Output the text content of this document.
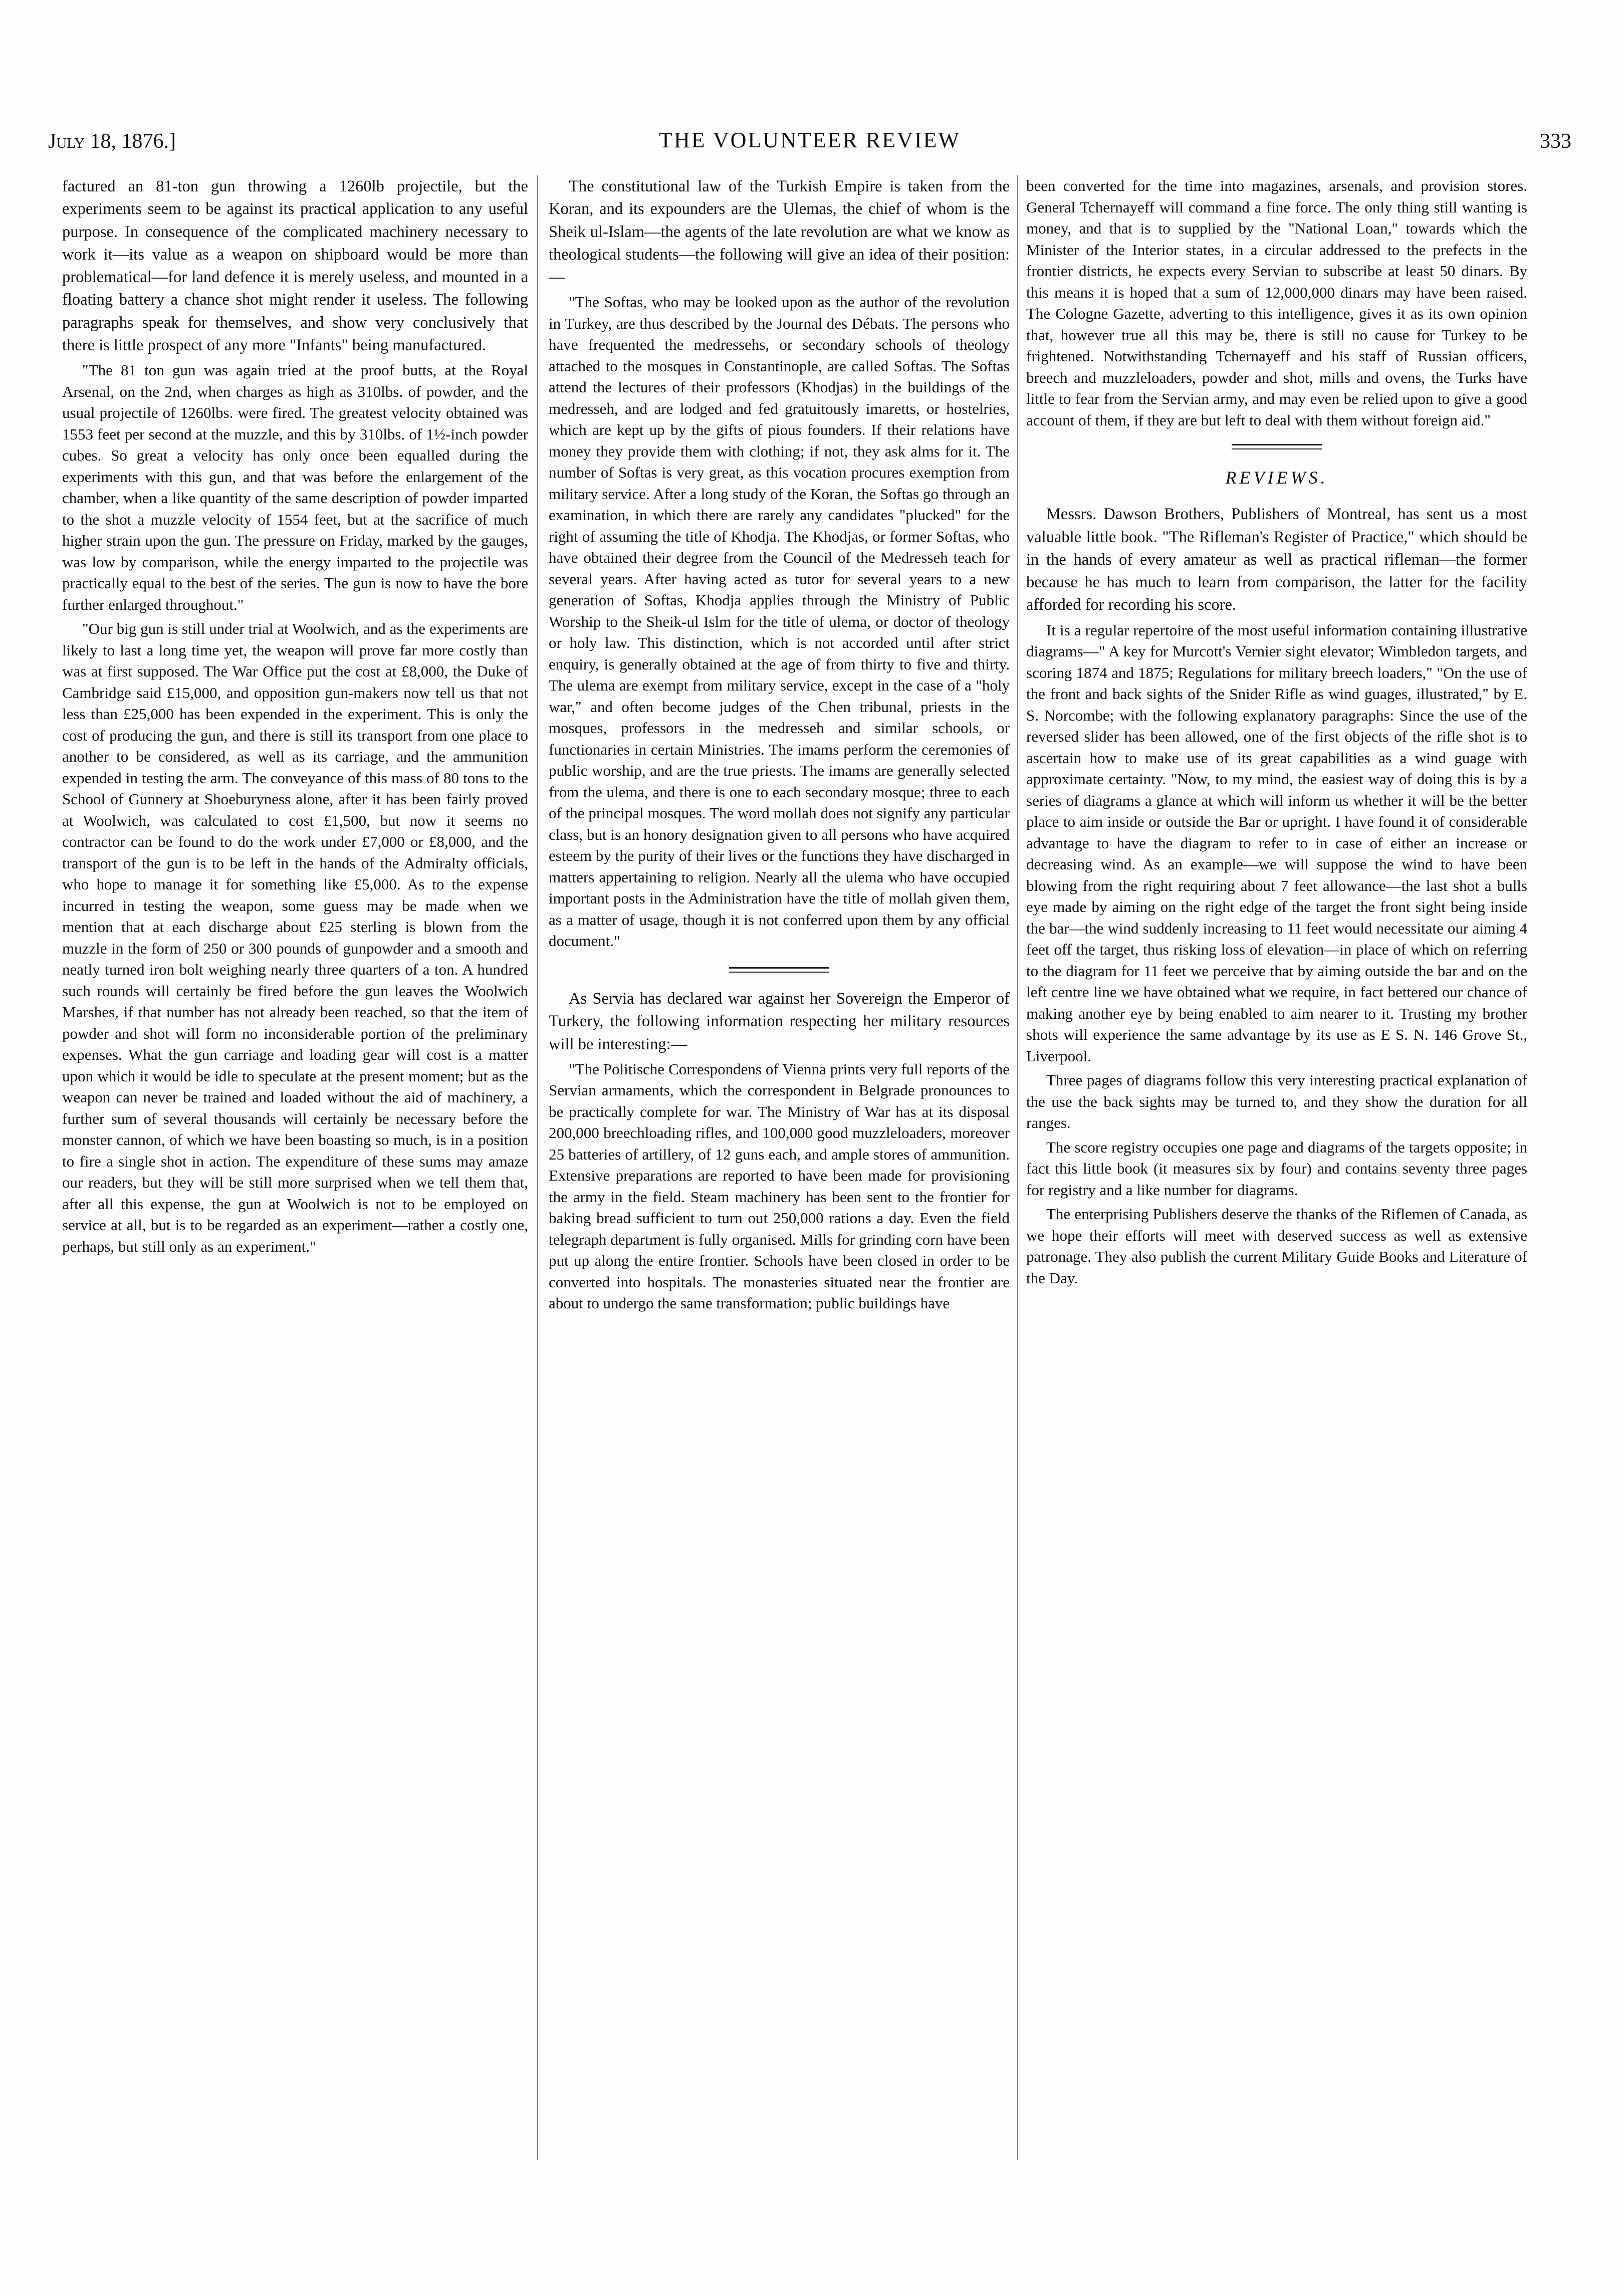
July 18, 1876.]	THE VOLUNTEER REVIEW	333

factured an 81-ton gun throwing a 1260lb projectile, but the experiments seem to be against its practical application to any useful purpose. In consequence of the complicated machinery necessary to work it—its value as a weapon on shipboard would be more than problematical—for land defence it is merely useless, and mounted in a floating battery a chance shot might render it useless. The following paragraphs speak for themselves, and show very conclusively that there is little prospect of any more "Infants" being manufactured.

"The 81 ton gun was again tried at the proof butts, at the Royal Arsenal, on the 2nd, when charges as high as 310lbs. of powder, and the usual projectile of 1260lbs. were fired. The greatest velocity obtained was 1553 feet per second at the muzzle, and this by 310lbs. of 1½-inch powder cubes. So great a velocity has only once been equalled during the experiments with this gun, and that was before the enlargement of the chamber, when a like quantity of the same description of powder imparted to the shot a muzzle velocity of 1554 feet, but at the sacrifice of much higher strain upon the gun. The pressure on Friday, marked by the gauges, was low by comparison, while the energy imparted to the projectile was practically equal to the best of the series. The gun is now to have the bore further enlarged throughout."

"Our big gun is still under trial at Woolwich, and as the experiments are likely to last a long time yet, the weapon will prove far more costly than was at first supposed. The War Office put the cost at £8,000, the Duke of Cambridge said £15,000, and opposition gun-makers now tell us that not less than £25,000 has been expended in the experiment. This is only the cost of producing the gun, and there is still its transport from one place to another to be considered, as well as its carriage, and the ammunition expended in testing the arm. The conveyance of this mass of 80 tons to the School of Gunnery at Shoeburyness alone, after it has been fairly proved at Woolwich, was calculated to cost £1,500, but now it seems no contractor can be found to do the work under £7,000 or £8,000, and the transport of the gun is to be left in the hands of the Admiralty officials, who hope to manage it for something like £5,000. As to the expense incurred in testing the weapon, some guess may be made when we mention that at each discharge about £25 sterling is blown from the muzzle in the form of 250 or 300 pounds of gunpowder and a smooth and neatly turned iron bolt weighing nearly three quarters of a ton. A hundred such rounds will certainly be fired before the gun leaves the Woolwich Marshes, if that number has not already been reached, so that the item of powder and shot will form no inconsiderable portion of the preliminary expenses. What the gun carriage and loading gear will cost is a matter upon which it would be idle to speculate at the present moment; but as the weapon can never be trained and loaded without the aid of machinery, a further sum of several thousands will certainly be necessary before the monster cannon, of which we have been boasting so much, is in a position to fire a single shot in action. The expenditure of these sums may amaze our readers, but they will be still more surprised when we tell them that, after all this expense, the gun at Woolwich is not to be employed on service at all, but is to be regarded as an experiment—rather a costly one, perhaps, but still only as an experiment."

The constitutional law of the Turkish Empire is taken from the Koran, and its expounders are the Ulemas, the chief of whom is the Sheik ul-Islam—the agents of the late revolution are what we know as theological students—the following will give an idea of their position:—

"The Softas, who may be looked upon as the author of the revolution in Turkey, are thus described by the Journal des Débats. The persons who have frequented the medressehs, or secondary schools of theology attached to the mosques in Constantinople, are called Softas. The Softas attend the lectures of their professors (Khodjas) in the buildings of the medresseh, and are lodged and fed gratuitously imaretts, or hostelries, which are kept up by the gifts of pious founders. If their relations have money they provide them with clothing; if not, they ask alms for it. The number of Softas is very great, as this vocation procures exemption from military service. After a long study of the Koran, the Softas go through an examination, in which there are rarely any candidates "plucked" for the right of assuming the title of Khodja. The Khodjas, or former Softas, who have obtained their degree from the Council of the Medresseh teach for several years. After having acted as tutor for several years to a new generation of Softas, Khodja applies through the Ministry of Public Worship to the Sheik-ul Islm for the title of ulema, or doctor of theology or holy law. This distinction, which is not accorded until after strict enquiry, is generally obtained at the age of from thirty to five and thirty. The ulema are exempt from military service, except in the case of a "holy war," and often become judges of the Chen tribunal, priests in the mosques, professors in the medresseh and similar schools, or functionaries in certain Ministries. The imams perform the ceremonies of public worship, and are the true priests. The imams are generally selected from the ulema, and there is one to each secondary mosque; three to each of the principal mosques. The word mollah does not signify any particular class, but is an honory designation given to all persons who have acquired esteem by the purity of their lives or the functions they have discharged in matters appertaining to religion. Nearly all the ulema who have occupied important posts in the Administration have the title of mollah given them, as a matter of usage, though it is not conferred upon them by any official document."

As Servia has declared war against her Sovereign the Emperor of Turkery, the following information respecting her military resources will be interesting:—

"The Politische Correspondens of Vienna prints very full reports of the Servian armaments, which the correspondent in Belgrade pronounces to be practically complete for war. The Ministry of War has at its disposal 200,000 breechloading rifles, and 100,000 good muzzleloaders, moreover 25 batteries of artillery, of 12 guns each, and ample stores of ammunition. Extensive preparations are reported to have been made for provisioning the army in the field. Steam machinery has been sent to the frontier for baking bread sufficient to turn out 250,000 rations a day. Even the field telegraph department is fully organised. Mills for grinding corn have been put up along the entire frontier. Schools have been closed in order to be converted into hospitals. The monasteries situated near the frontier are about to undergo the same transformation; public buildings have

been converted for the time into magazines, arsenals, and provision stores. General Tchernayeff will command a fine force. The only thing still wanting is money, and that is to supplied by the "National Loan," towards which the Minister of the Interior states, in a circular addressed to the prefects in the frontier districts, he expects every Servian to subscribe at least 50 dinars. By this means it is hoped that a sum of 12,000,000 dinars may have been raised. The Cologne Gazette, adverting to this intelligence, gives it as its own opinion that, however true all this may be, there is still no cause for Turkey to be frightened. Notwithstanding Tchernayeff and his staff of Russian officers, breech and muzzleloaders, powder and shot, mills and ovens, the Turks have little to fear from the Servian army, and may even be relied upon to give a good account of them, if they are but left to deal with them without foreign aid."

REVIEWS.

Messrs. Dawson Brothers, Publishers of Montreal, has sent us a most valuable little book. "The Rifleman's Register of Practice," which should be in the hands of every amateur as well as practical rifleman—the former because he has much to learn from comparison, the latter for the facility afforded for recording his score.

It is a regular repertoire of the most useful information containing illustrative diagrams—" A key for Murcott's Vernier sight elevator; Wimbledon targets, and scoring 1874 and 1875; Regulations for military breech loaders," "On the use of the front and back sights of the Snider Rifle as wind guages, illustrated," by E. S. Norcombe; with the following explanatory paragraphs: Since the use of the reversed slider has been allowed, one of the first objects of the rifle shot is to ascertain how to make use of its great capabilities as a wind guage with approximate certainty. "Now, to my mind, the easiest way of doing this is by a series of diagrams a glance at which will inform us whether it will be the better place to aim inside or outside the Bar or upright. I have found it of considerable advantage to have the diagram to refer to in case of either an increase or decreasing wind. As an example—we will suppose the wind to have been blowing from the right requiring about 7 feet allowance—the last shot a bulls eye made by aiming on the right edge of the target the front sight being inside the bar—the wind suddenly increasing to 11 feet would necessitate our aiming 4 feet off the target, thus risking loss of elevation—in place of which on referring to the diagram for 11 feet we perceive that by aiming outside the bar and on the left centre line we have obtained what we require, in fact bettered our chance of making another eye by being enabled to aim nearer to it. Trusting my brother shots will experience the same advantage by its use as E S. N. 146 Grove St., Liverpool.

Three pages of diagrams follow this very interesting practical explanation of the use the back sights may be turned to, and they show the duration for all ranges.

The score registry occupies one page and diagrams of the targets opposite; in fact this little book (it measures six by four) and contains seventy three pages for registry and a like number for diagrams.

The enterprising Publishers deserve the thanks of the Riflemen of Canada, as we hope their efforts will meet with deserved success as well as extensive patronage. They also publish the current Military Guide Books and Literature of the Day.
